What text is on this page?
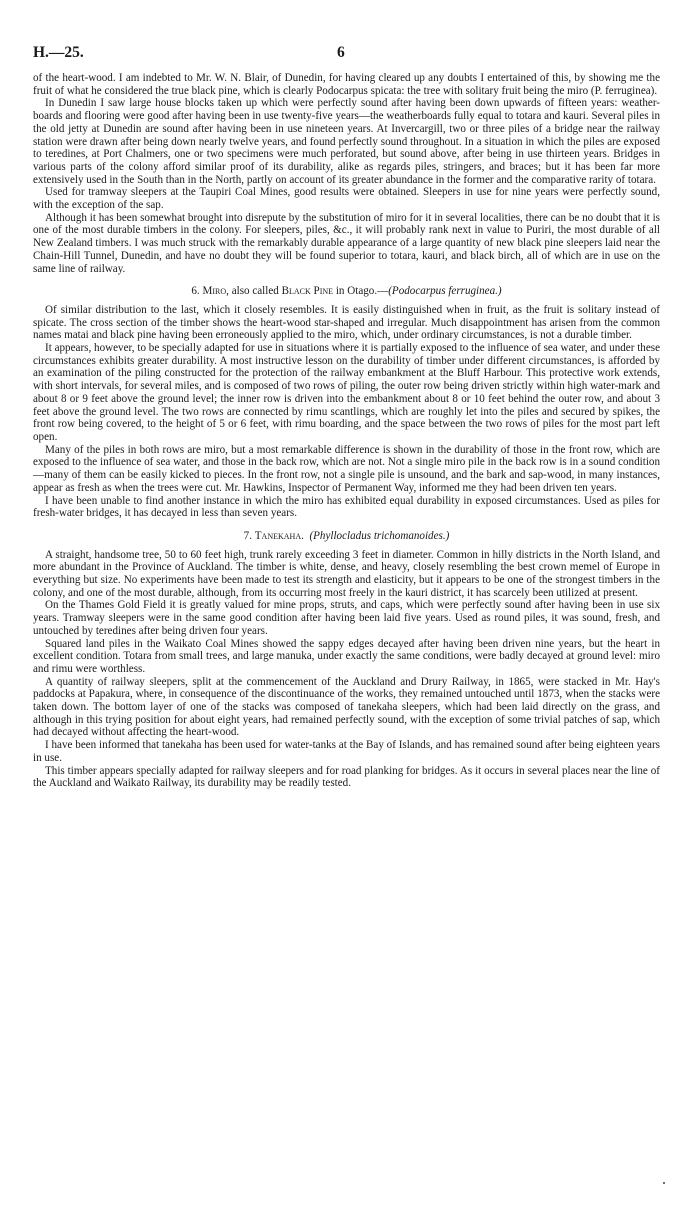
H.—25.	6

of the heart-wood. I am indebted to Mr. W. N. Blair, of Dunedin, for having cleared up any doubts I entertained of this, by showing me the fruit of what he considered the true black pine, which is clearly Podocarpus spicata: the tree with solitary fruit being the miro (P. ferruginea).

In Dunedin I saw large house blocks taken up which were perfectly sound after having been down upwards of fifteen years: weather-boards and flooring were good after having been in use twenty-five years—the weatherboards fully equal to totara and kauri. Several piles in the old jetty at Dunedin are sound after having been in use nineteen years. At Invercargill, two or three piles of a bridge near the railway station were drawn after being down nearly twelve years, and found perfectly sound throughout. In a situation in which the piles are exposed to teredines, at Port Chalmers, one or two specimens were much perforated, but sound above, after being in use thirteen years. Bridges in various parts of the colony afford similar proof of its durability, alike as regards piles, stringers, and braces; but it has been far more extensively used in the South than in the North, partly on account of its greater abundance in the former and the comparative rarity of totara.

Used for tramway sleepers at the Taupiri Coal Mines, good results were obtained. Sleepers in use for nine years were perfectly sound, with the exception of the sap.

Although it has been somewhat brought into disrepute by the substitution of miro for it in several localities, there can be no doubt that it is one of the most durable timbers in the colony. For sleepers, piles, &c., it will probably rank next in value to Puriri, the most durable of all New Zealand timbers. I was much struck with the remarkably durable appearance of a large quantity of new black pine sleepers laid near the Chain-Hill Tunnel, Dunedin, and have no doubt they will be found superior to totara, kauri, and black birch, all of which are in use on the same line of railway.

6. Miro, also called Black Pine in Otago.—(Podocarpus ferruginea.)

Of similar distribution to the last, which it closely resembles. It is easily distinguished when in fruit, as the fruit is solitary instead of spicate. The cross section of the timber shows the heart-wood star-shaped and irregular. Much disappointment has arisen from the common names matai and black pine having been erroneously applied to the miro, which, under ordinary circumstances, is not a durable timber.

It appears, however, to be specially adapted for use in situations where it is partially exposed to the influence of sea water, and under these circumstances exhibits greater durability. A most instructive lesson on the durability of timber under different circumstances, is afforded by an examination of the piling constructed for the protection of the railway embankment at the Bluff Harbour. This protective work extends, with short intervals, for several miles, and is composed of two rows of piling, the outer row being driven strictly within high water-mark and about 8 or 9 feet above the ground level; the inner row is driven into the embankment about 8 or 10 feet behind the outer row, and about 3 feet above the ground level. The two rows are connected by rimu scantlings, which are roughly let into the piles and secured by spikes, the front row being covered, to the height of 5 or 6 feet, with rimu boarding, and the space between the two rows of piles for the most part left open.

Many of the piles in both rows are miro, but a most remarkable difference is shown in the durability of those in the front row, which are exposed to the influence of sea water, and those in the back row, which are not. Not a single miro pile in the back row is in a sound condition—many of them can be easily kicked to pieces. In the front row, not a single pile is unsound, and the bark and sap-wood, in many instances, appear as fresh as when the trees were cut. Mr. Hawkins, Inspector of Permanent Way, informed me they had been driven ten years.

I have been unable to find another instance in which the miro has exhibited equal durability in exposed circumstances. Used as piles for fresh-water bridges, it has decayed in less than seven years.

7. Tanekaha. (Phyllocladus trichomanoides.)

A straight, handsome tree, 50 to 60 feet high, trunk rarely exceeding 3 feet in diameter. Common in hilly districts in the North Island, and more abundant in the Province of Auckland. The timber is white, dense, and heavy, closely resembling the best crown memel of Europe in everything but size. No experiments have been made to test its strength and elasticity, but it appears to be one of the strongest timbers in the colony, and one of the most durable, although, from its occurring most freely in the kauri district, it has scarcely been utilized at present.

On the Thames Gold Field it is greatly valued for mine props, struts, and caps, which were perfectly sound after having been in use six years. Tramway sleepers were in the same good condition after having been laid five years. Used as round piles, it was sound, fresh, and untouched by teredines after being driven four years.

Squared land piles in the Waikato Coal Mines showed the sappy edges decayed after having been driven nine years, but the heart in excellent condition. Totara from small trees, and large manuka, under exactly the same conditions, were badly decayed at ground level: miro and rimu were worthless.

A quantity of railway sleepers, split at the commencement of the Auckland and Drury Railway, in 1865, were stacked in Mr. Hay's paddocks at Papakura, where, in consequence of the discontinuance of the works, they remained untouched until 1873, when the stacks were taken down. The bottom layer of one of the stacks was composed of tanekaha sleepers, which had been laid directly on the grass, and although in this trying position for about eight years, had remained perfectly sound, with the exception of some trivial patches of sap, which had decayed without affecting the heart-wood.

I have been informed that tanekaha has been used for water-tanks at the Bay of Islands, and has remained sound after being eighteen years in use.

This timber appears specially adapted for railway sleepers and for road planking for bridges. As it occurs in several places near the line of the Auckland and Waikato Railway, its durability may be readily tested.
